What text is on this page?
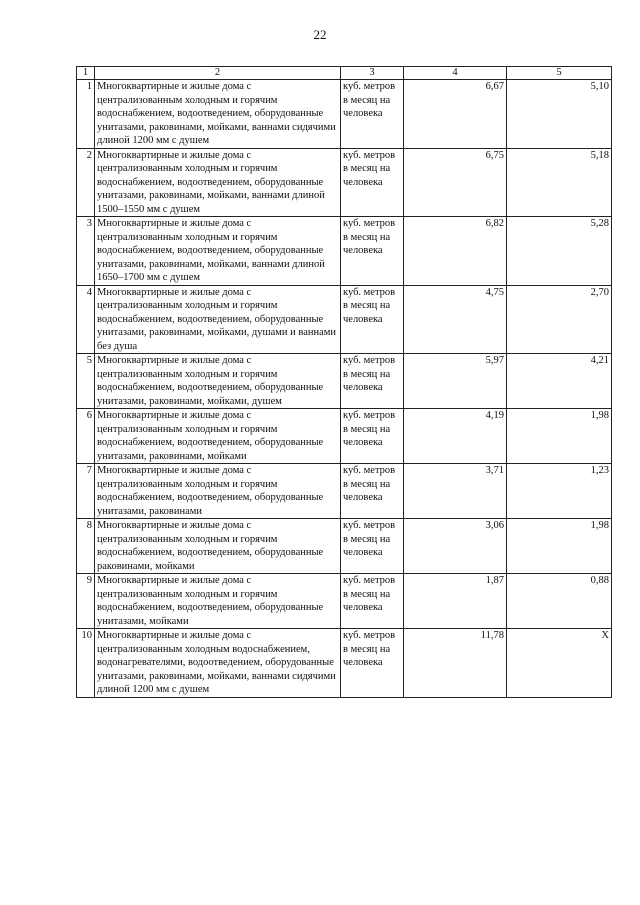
22
1	2	3	4	5
1	Многоквартирные и жилые дома с централизованным холодным и горячим водоснабжением, водоотведением, оборудованные унитазами, раковинами, мойками, ваннами сидячими длиной 1200 мм с душем	куб. метров в месяц на человека	6,67	5,10
2	Многоквартирные и жилые дома с централизованным холодным и горячим водоснабжением, водоотведением, оборудованные унитазами, раковинами, мойками, ваннами длиной 1500–1550 мм с душем	куб. метров в месяц на человека	6,75	5,18
3	Многоквартирные и жилые дома с централизованным холодным и горячим водоснабжением, водоотведением, оборудованные унитазами, раковинами, мойками, ваннами длиной 1650–1700 мм с душем	куб. метров в месяц на человека	6,82	5,28
4	Многоквартирные и жилые дома с централизованным холодным и горячим водоснабжением, водоотведением, оборудованные унитазами, раковинами, мойками, душами и ваннами без душа	куб. метров в месяц на человека	4,75	2,70
5	Многоквартирные и жилые дома с централизованным холодным и горячим водоснабжением, водоотведением, оборудованные унитазами, раковинами, мойками, душем	куб. метров в месяц на человека	5,97	4,21
6	Многоквартирные и жилые дома с централизованным холодным и горячим водоснабжением, водоотведением, оборудованные унитазами, раковинами, мойками	куб. метров в месяц на человека	4,19	1,98
7	Многоквартирные и жилые дома с централизованным холодным и горячим водоснабжением, водоотведением, оборудованные унитазами, раковинами	куб. метров в месяц на человека	3,71	1,23
8	Многоквартирные и жилые дома с централизованным холодным и горячим водоснабжением, водоотведением, оборудованные раковинами, мойками	куб. метров в месяц на человека	3,06	1,98
9	Многоквартирные и жилые дома с централизованным холодным и горячим водоснабжением, водоотведением, оборудованные унитазами, мойками	куб. метров в месяц на человека	1,87	0,88
10	Многоквартирные и жилые дома с централизованным холодным водоснабжением, водонагревателями, водоотведением, оборудованные унитазами, раковинами, мойками, ваннами сидячими длиной 1200 мм с душем	куб. метров в месяц на человека	11,78	X
